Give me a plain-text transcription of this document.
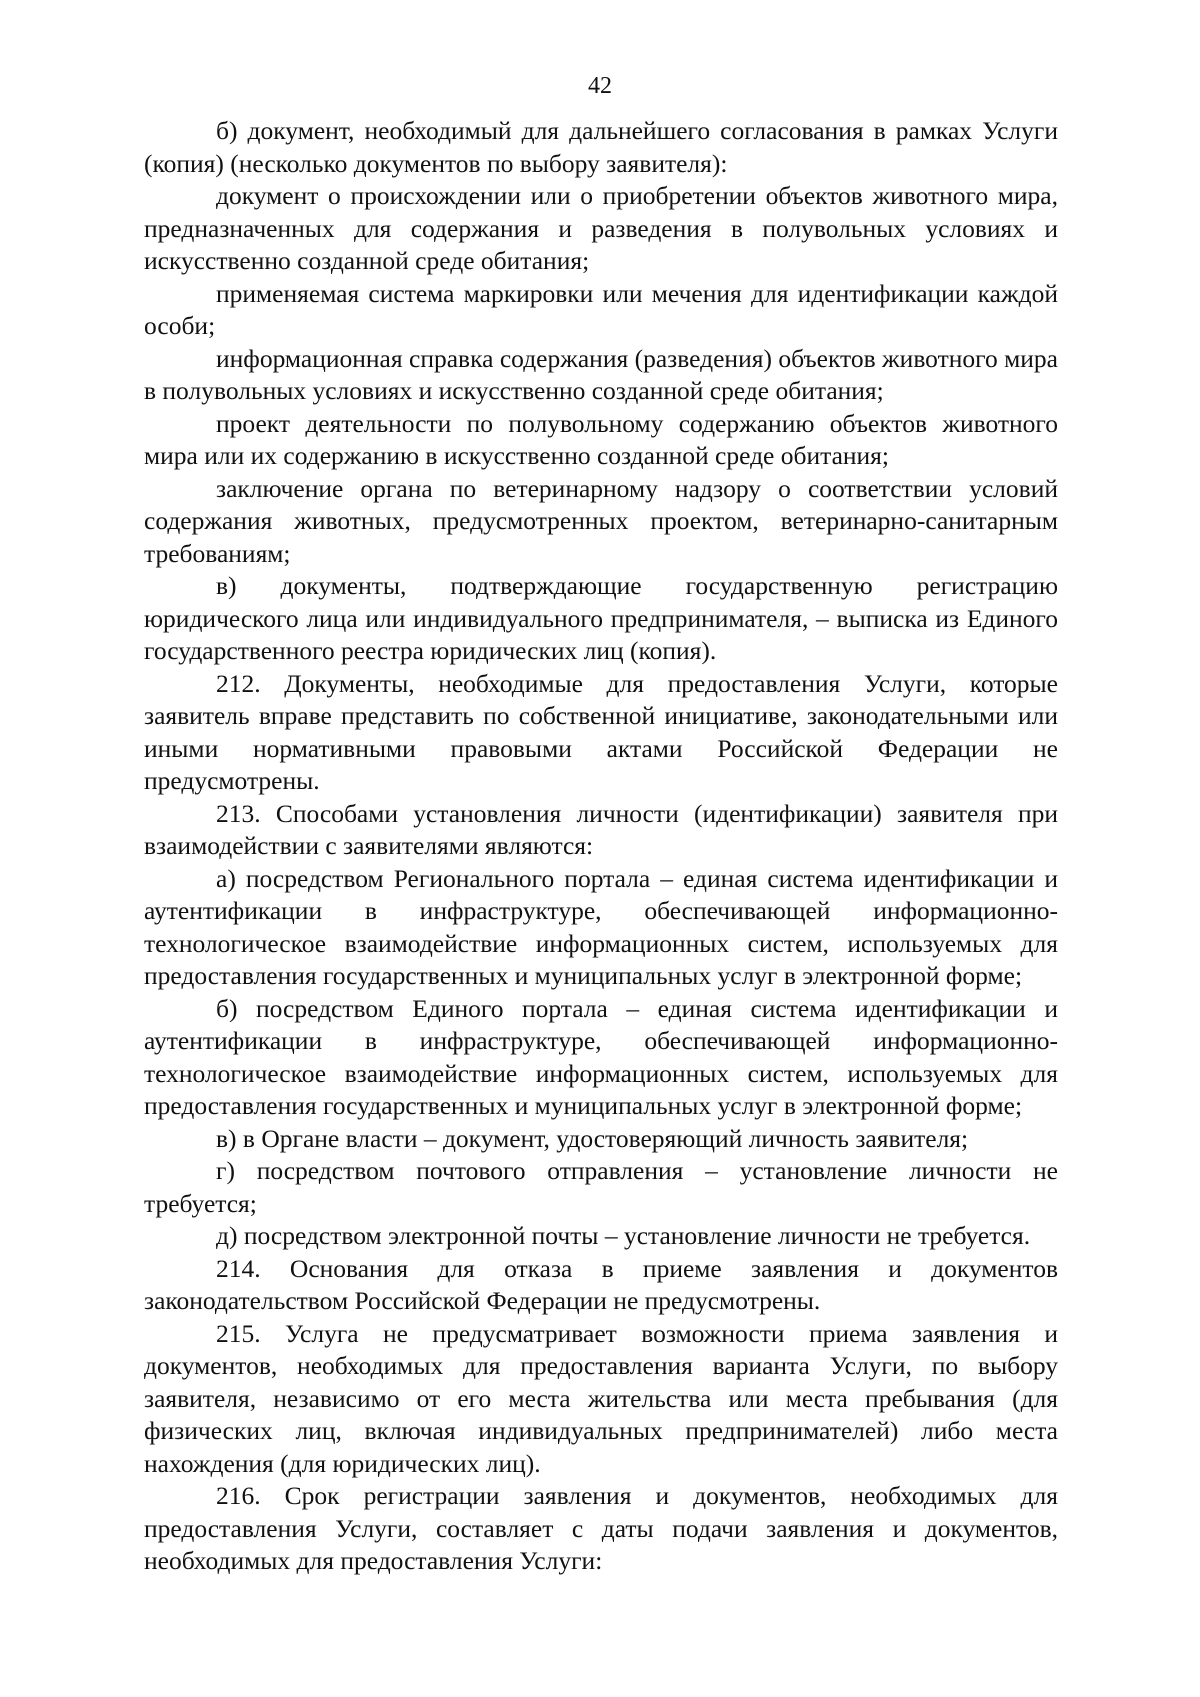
42

б) документ, необходимый для дальнейшего согласования в рамках Услуги (копия) (несколько документов по выбору заявителя):

документ о происхождении или о приобретении объектов животного мира, предназначенных для содержания и разведения в полувольных условиях и искусственно созданной среде обитания;

применяемая система маркировки или мечения для идентификации каждой особи;

информационная справка содержания (разведения) объектов животного мира в полувольных условиях и искусственно созданной среде обитания;

проект деятельности по полувольному содержанию объектов животного мира или их содержанию в искусственно созданной среде обитания;

заключение органа по ветеринарному надзору о соответствии условий содержания животных, предусмотренных проектом, ветеринарно-санитарным требованиям;

в) документы, подтверждающие государственную регистрацию юридического лица или индивидуального предпринимателя, – выписка из Единого государственного реестра юридических лиц (копия).

212. Документы, необходимые для предоставления Услуги, которые заявитель вправе представить по собственной инициативе, законодательными или иными нормативными правовыми актами Российской Федерации не предусмотрены.

213. Способами установления личности (идентификации) заявителя при взаимодействии с заявителями являются:

а) посредством Регионального портала – единая система идентификации и аутентификации в инфраструктуре, обеспечивающей информационно-технологическое взаимодействие информационных систем, используемых для предоставления государственных и муниципальных услуг в электронной форме;

б) посредством Единого портала – единая система идентификации и аутентификации в инфраструктуре, обеспечивающей информационно-технологическое взаимодействие информационных систем, используемых для предоставления государственных и муниципальных услуг в электронной форме;

в) в Органе власти – документ, удостоверяющий личность заявителя;

г) посредством почтового отправления – установление личности не требуется;

д) посредством электронной почты – установление личности не требуется.

214. Основания для отказа в приеме заявления и документов законодательством Российской Федерации не предусмотрены.

215. Услуга не предусматривает возможности приема заявления и документов, необходимых для предоставления варианта Услуги, по выбору заявителя, независимо от его места жительства или места пребывания (для физических лиц, включая индивидуальных предпринимателей) либо места нахождения (для юридических лиц).

216. Срок регистрации заявления и документов, необходимых для предоставления Услуги, составляет с даты подачи заявления и документов, необходимых для предоставления Услуги:
